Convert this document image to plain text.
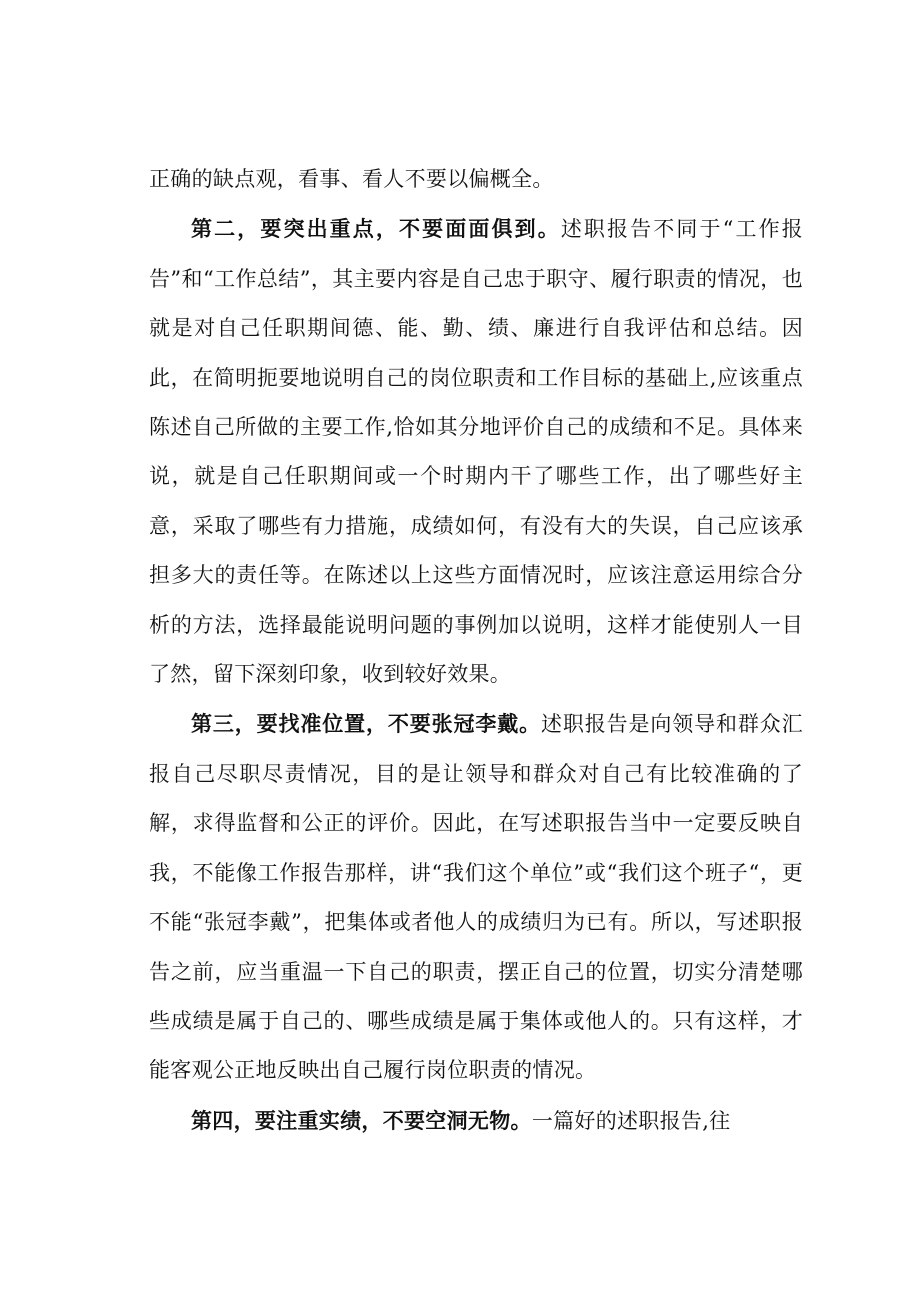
正确的缺点观，看事、看人不要以偏概全。

第二，要突出重点，不要面面俱到。述职报告不同于“工作报告”和“工作总结”，其主要内容是自己忠于职守、履行职责的情况，也就是对自己任职期间德、能、勤、绩、廉进行自我评估和总结。因此，在简明扼要地说明自己的岗位职责和工作目标的基础上,应该重点陈述自己所做的主要工作,恰如其分地评价自己的成绩和不足。具体来说，就是自己任职期间或一个时期内干了哪些工作，出了哪些好主意，采取了哪些有力措施，成绩如何，有没有大的失误，自己应该承担多大的责任等。在陈述以上这些方面情况时，应该注意运用综合分析的方法，选择最能说明问题的事例加以说明，这样才能使别人一目了然，留下深刻印象，收到较好效果。

第三，要找准位置，不要张冠李戴。述职报告是向领导和群众汇报自己尽职尽责情况，目的是让领导和群众对自己有比较准确的了解，求得监督和公正的评价。因此，在写述职报告当中一定要反映自我，不能像工作报告那样，讲“我们这个单位”或“我们这个班子“，更不能“张冠李戴”，把集体或者他人的成绩归为已有。所以，写述职报告之前，应当重温一下自己的职责，摆正自己的位置，切实分清楚哪些成绩是属于自己的、哪些成绩是属于集体或他人的。只有这样，才能客观公正地反映出自己履行岗位职责的情况。

第四，要注重实绩，不要空洞无物。一篇好的述职报告,往
